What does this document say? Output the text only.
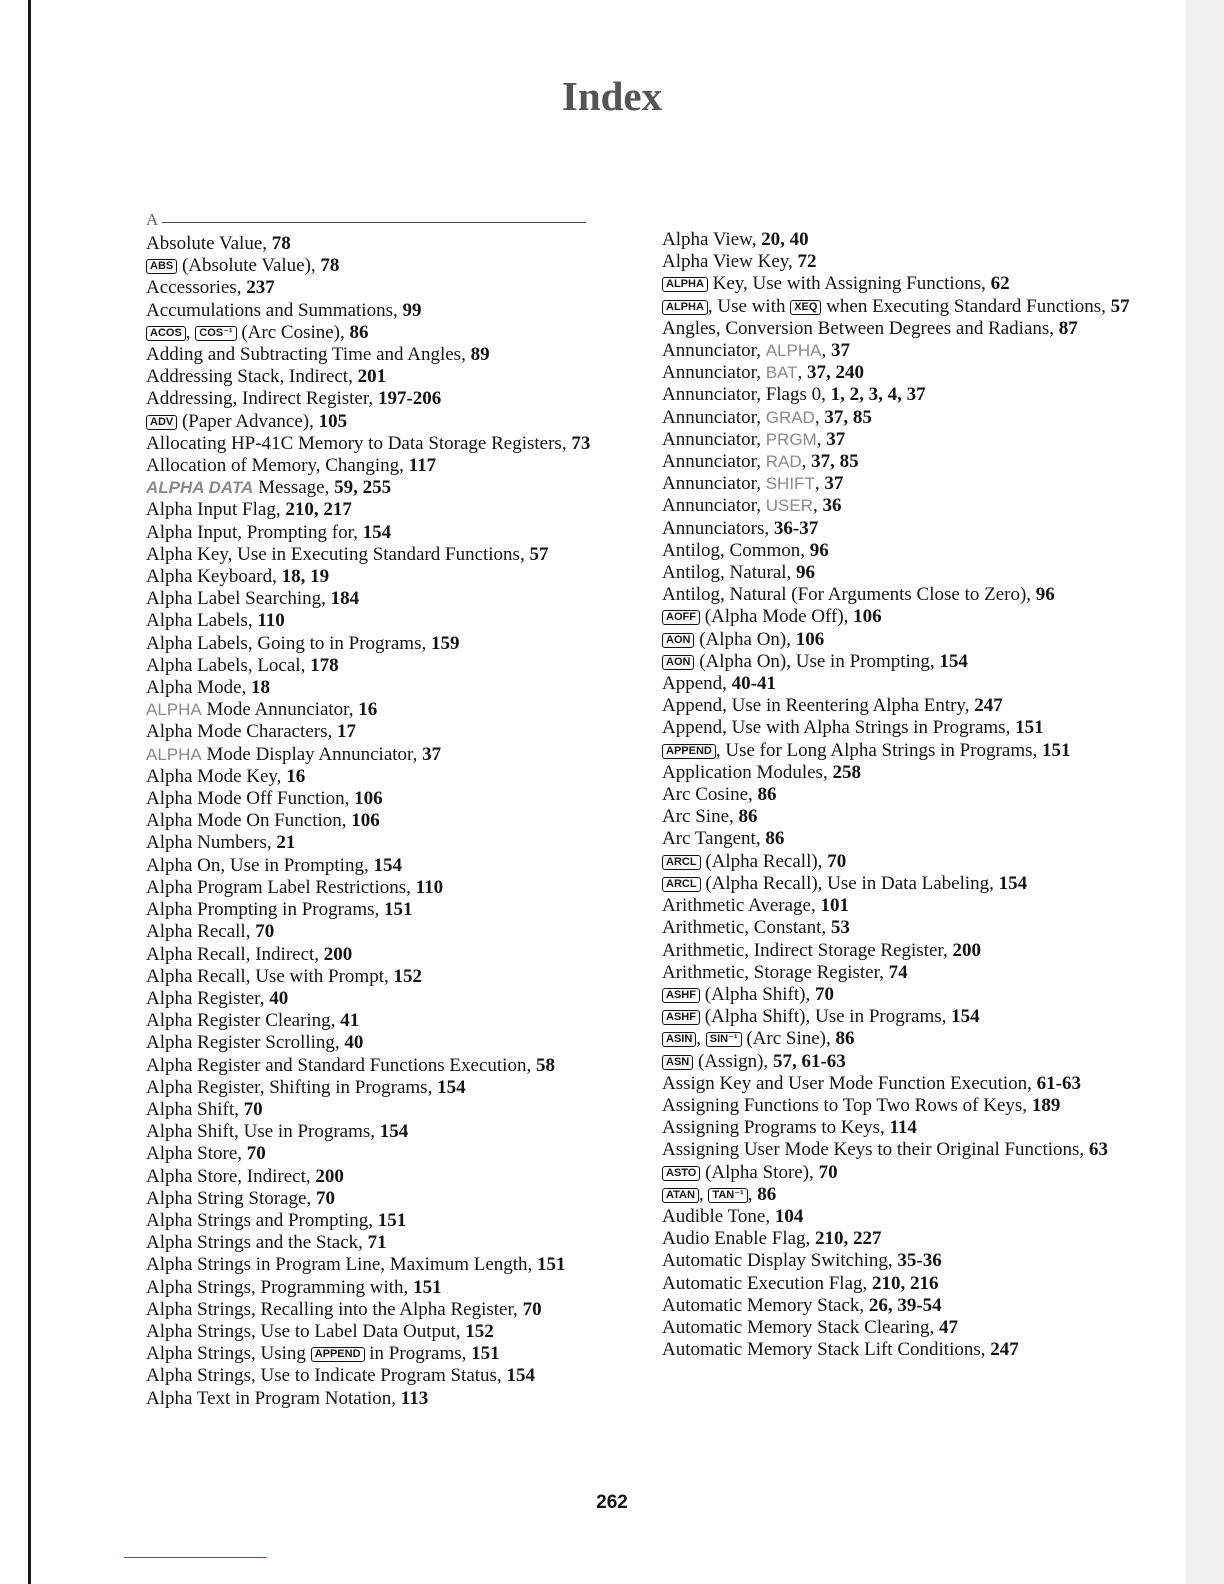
Index
A
Absolute Value, 78
ABS (Absolute Value), 78
Accessories, 237
Accumulations and Summations, 99
ACOS , COS⁻¹ (Arc Cosine), 86
Adding and Subtracting Time and Angles, 89
Addressing Stack, Indirect, 201
Addressing, Indirect Register, 197-206
ADV (Paper Advance), 105
Allocating HP-41C Memory to Data Storage Registers, 73
Allocation of Memory, Changing, 117
ALPHA DATA Message, 59, 255
Alpha Input Flag, 210, 217
Alpha Input, Prompting for, 154
Alpha Key, Use in Executing Standard Functions, 57
Alpha Keyboard, 18, 19
Alpha Label Searching, 184
Alpha Labels, 110
Alpha Labels, Going to in Programs, 159
Alpha Labels, Local, 178
Alpha Mode, 18
ALPHA Mode Annunciator, 16
Alpha Mode Characters, 17
ALPHA Mode Display Annunciator, 37
Alpha Mode Key, 16
Alpha Mode Off Function, 106
Alpha Mode On Function, 106
Alpha Numbers, 21
Alpha On, Use in Prompting, 154
Alpha Program Label Restrictions, 110
Alpha Prompting in Programs, 151
Alpha Recall, 70
Alpha Recall, Indirect, 200
Alpha Recall, Use with Prompt, 152
Alpha Register, 40
Alpha Register Clearing, 41
Alpha Register Scrolling, 40
Alpha Register and Standard Functions Execution, 58
Alpha Register, Shifting in Programs, 154
Alpha Shift, 70
Alpha Shift, Use in Programs, 154
Alpha Store, 70
Alpha Store, Indirect, 200
Alpha String Storage, 70
Alpha Strings and Prompting, 151
Alpha Strings and the Stack, 71
Alpha Strings in Program Line, Maximum Length, 151
Alpha Strings, Programming with, 151
Alpha Strings, Recalling into the Alpha Register, 70
Alpha Strings, Use to Label Data Output, 152
Alpha Strings, Using APPEND in Programs, 151
Alpha Strings, Use to Indicate Program Status, 154
Alpha Text in Program Notation, 113
Alpha View, 20, 40
Alpha View Key, 72
ALPHA Key, Use with Assigning Functions, 62
ALPHA , Use with XEQ when Executing Standard Functions, 57
Angles, Conversion Between Degrees and Radians, 87
Annunciator, ALPHA, 37
Annunciator, BAT, 37, 240
Annunciator, Flags 0, 1, 2, 3, 4, 37
Annunciator, GRAD, 37, 85
Annunciator, PRGM, 37
Annunciator, RAD, 37, 85
Annunciator, SHIFT, 37
Annunciator, USER, 36
Annunciators, 36-37
Antilog, Common, 96
Antilog, Natural, 96
Antilog, Natural (For Arguments Close to Zero), 96
AOFF (Alpha Mode Off), 106
AON (Alpha On), 106
AON (Alpha On), Use in Prompting, 154
Append, 40-41
Append, Use in Reentering Alpha Entry, 247
Append, Use with Alpha Strings in Programs, 151
APPEND , Use for Long Alpha Strings in Programs, 151
Application Modules, 258
Arc Cosine, 86
Arc Sine, 86
Arc Tangent, 86
ARCL (Alpha Recall), 70
ARCL (Alpha Recall), Use in Data Labeling, 154
Arithmetic Average, 101
Arithmetic, Constant, 53
Arithmetic, Indirect Storage Register, 200
Arithmetic, Storage Register, 74
ASHF (Alpha Shift), 70
ASHF (Alpha Shift), Use in Programs, 154
ASIN , SIN⁻¹ (Arc Sine), 86
ASN (Assign), 57, 61-63
Assign Key and User Mode Function Execution, 61-63
Assigning Functions to Top Two Rows of Keys, 189
Assigning Programs to Keys, 114
Assigning User Mode Keys to their Original Functions, 63
ASTO (Alpha Store), 70
ATAN , TAN⁻¹ , 86
Audible Tone, 104
Audio Enable Flag, 210, 227
Automatic Display Switching, 35-36
Automatic Execution Flag, 210, 216
Automatic Memory Stack, 26, 39-54
Automatic Memory Stack Clearing, 47
Automatic Memory Stack Lift Conditions, 247
262
